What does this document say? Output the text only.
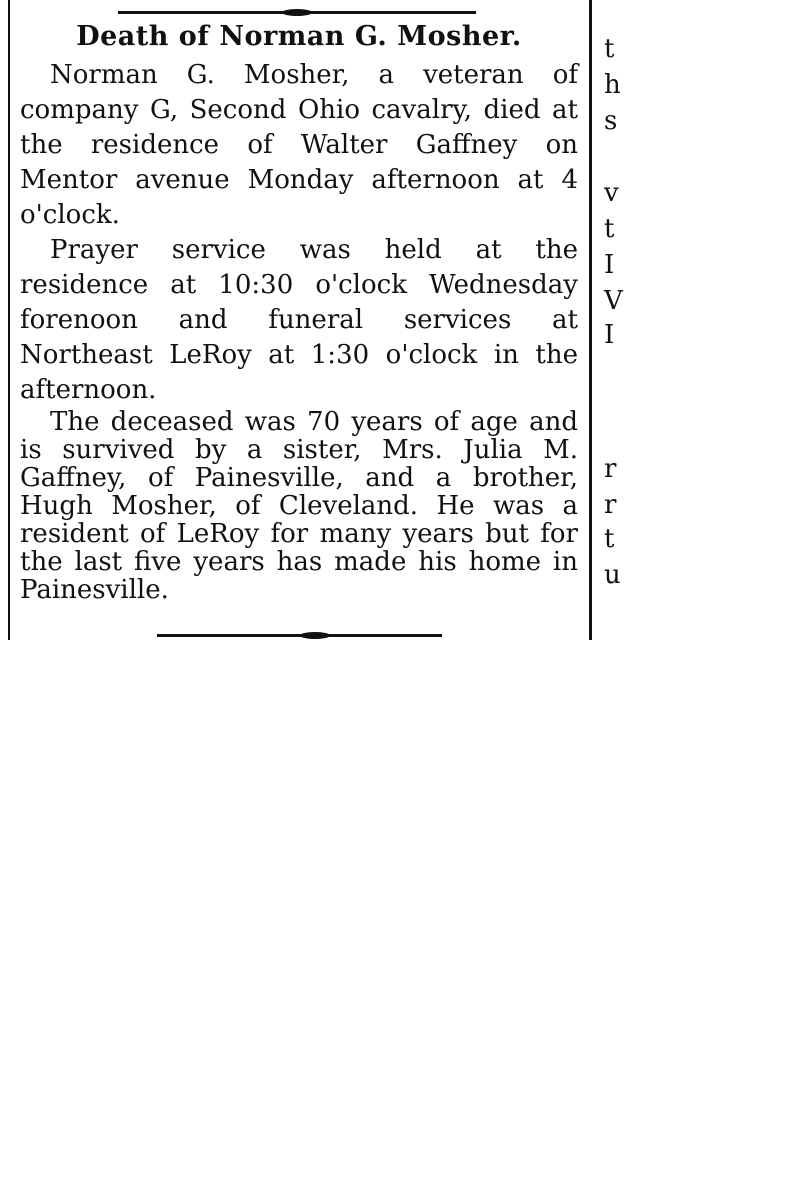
Death of Norman G. Mosher.

Norman G. Mosher, a veteran of company G, Second Ohio cavalry, died at the residence of Walter Gaffney on Mentor avenue Monday afternoon at 4 o'clock.

Prayer service was held at the residence at 10:30 o'clock Wednesday forenoon and funeral services at Northeast LeRoy at 1:30 o'clock in the afternoon.

The deceased was 70 years of age and is survived by a sister, Mrs. Julia M. Gaffney, of Painesville, and a brother, Hugh Mosher, of Cleveland. He was a resident of LeRoy for many years but for the last five years has made his home in Painesville.

t
h
s
v
t
I
V
I
r
r
t
u
